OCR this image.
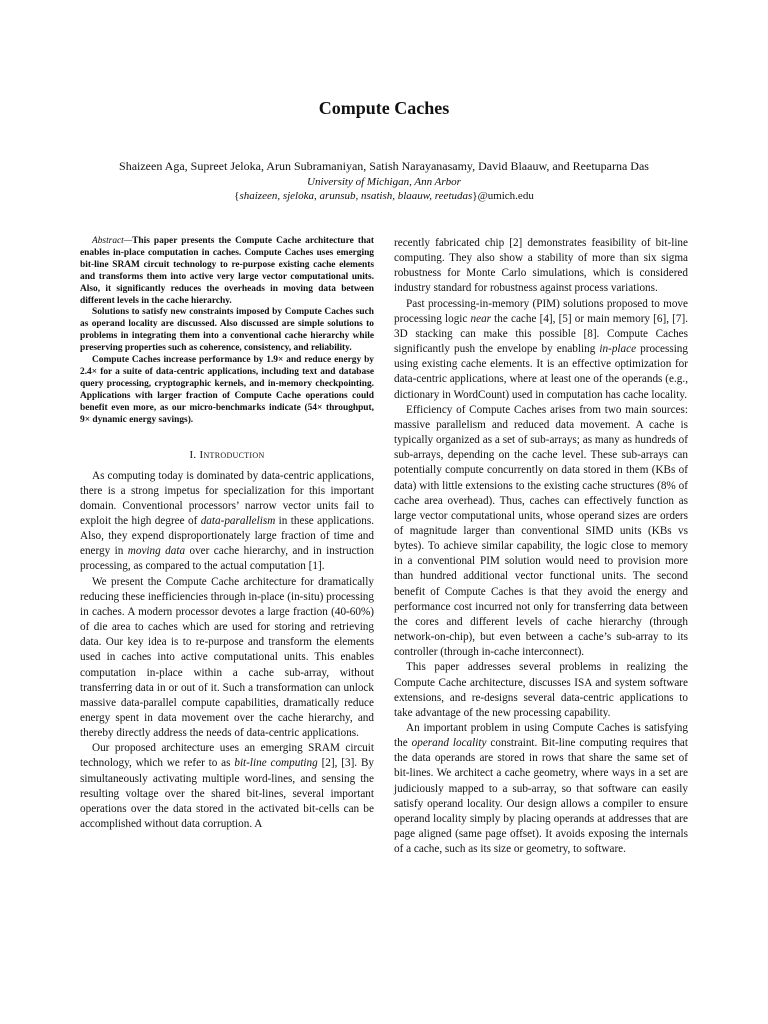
Compute Caches

Shaizeen Aga, Supreet Jeloka, Arun Subramaniyan, Satish Narayanasamy, David Blaauw, and Reetuparna Das

University of Michigan, Ann Arbor

{shaizeen, sjeloka, arunsub, nsatish, blaauw, reetudas}@umich.edu

Abstract—This paper presents the Compute Cache architecture that enables in-place computation in caches. Compute Caches uses emerging bit-line SRAM circuit technology to re-purpose existing cache elements and transforms them into active very large vector computational units. Also, it significantly reduces the overheads in moving data between different levels in the cache hierarchy.

Solutions to satisfy new constraints imposed by Compute Caches such as operand locality are discussed. Also discussed are simple solutions to problems in integrating them into a conventional cache hierarchy while preserving properties such as coherence, consistency, and reliability.

Compute Caches increase performance by 1.9× and reduce energy by 2.4× for a suite of data-centric applications, including text and database query processing, cryptographic kernels, and in-memory checkpointing. Applications with larger fraction of Compute Cache operations could benefit even more, as our micro-benchmarks indicate (54× throughput, 9× dynamic energy savings).

I. Introduction

As computing today is dominated by data-centric applications, there is a strong impetus for specialization for this important domain. Conventional processors’ narrow vector units fail to exploit the high degree of data-parallelism in these applications. Also, they expend disproportionately large fraction of time and energy in moving data over cache hierarchy, and in instruction processing, as compared to the actual computation [1].

We present the Compute Cache architecture for dramatically reducing these inefficiencies through in-place (in-situ) processing in caches. A modern processor devotes a large fraction (40-60%) of die area to caches which are used for storing and retrieving data. Our key idea is to re-purpose and transform the elements used in caches into active computational units. This enables computation in-place within a cache sub-array, without transferring data in or out of it. Such a transformation can unlock massive data-parallel compute capabilities, dramatically reduce energy spent in data movement over the cache hierarchy, and thereby directly address the needs of data-centric applications.

Our proposed architecture uses an emerging SRAM circuit technology, which we refer to as bit-line computing [2], [3]. By simultaneously activating multiple word-lines, and sensing the resulting voltage over the shared bit-lines, several important operations over the data stored in the activated bit-cells can be accomplished without data corruption. A

recently fabricated chip [2] demonstrates feasibility of bit-line computing. They also show a stability of more than six sigma robustness for Monte Carlo simulations, which is considered industry standard for robustness against process variations.

Past processing-in-memory (PIM) solutions proposed to move processing logic near the cache [4], [5] or main memory [6], [7]. 3D stacking can make this possible [8]. Compute Caches significantly push the envelope by enabling in-place processing using existing cache elements. It is an effective optimization for data-centric applications, where at least one of the operands (e.g., dictionary in WordCount) used in computation has cache locality.

Efficiency of Compute Caches arises from two main sources: massive parallelism and reduced data movement. A cache is typically organized as a set of sub-arrays; as many as hundreds of sub-arrays, depending on the cache level. These sub-arrays can potentially compute concurrently on data stored in them (KBs of data) with little extensions to the existing cache structures (8% of cache area overhead). Thus, caches can effectively function as large vector computational units, whose operand sizes are orders of magnitude larger than conventional SIMD units (KBs vs bytes). To achieve similar capability, the logic close to memory in a conventional PIM solution would need to provision more than hundred additional vector functional units. The second benefit of Compute Caches is that they avoid the energy and performance cost incurred not only for transferring data between the cores and different levels of cache hierarchy (through network-on-chip), but even between a cache’s sub-array to its controller (through in-cache interconnect).

This paper addresses several problems in realizing the Compute Cache architecture, discusses ISA and system software extensions, and re-designs several data-centric applications to take advantage of the new processing capability.

An important problem in using Compute Caches is satisfying the operand locality constraint. Bit-line computing requires that the data operands are stored in rows that share the same set of bit-lines. We architect a cache geometry, where ways in a set are judiciously mapped to a sub-array, so that software can easily satisfy operand locality. Our design allows a compiler to ensure operand locality simply by placing operands at addresses that are page aligned (same page offset). It avoids exposing the internals of a cache, such as its size or geometry, to software.
